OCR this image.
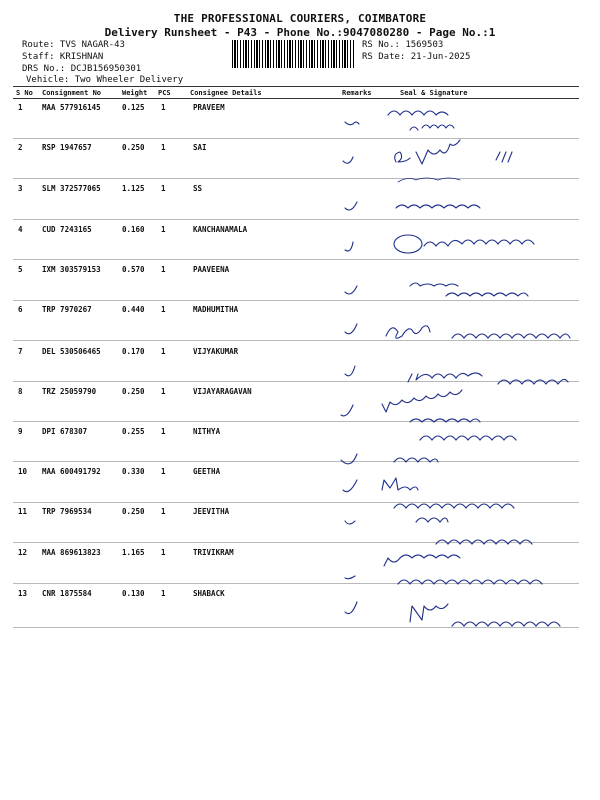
THE PROFESSIONAL COURIERS, COIMBATORE
Delivery Runsheet - P43 - Phone No.:9047080280 - Page No.:1
Route: TVS NAGAR-43
Staff: KRISHNAN
DRS No.: DCJB156950301
Vehicle: Two Wheeler Delivery
RS No.: 1569503
RS Date: 21-Jun-2025
S No Consignment No	Weight PCS	Consignee Details	Remarks	Seal & Signature
1	MAA 577916145	0.125 1	PRAVEEM
2	RSP 1947657	0.250 1	SAI
3	SLM 372577065	1.125 1	SS
4	CUD 7243165	0.160 1	KANCHANAMALA
5	IXM 303579153	0.570 1	PAAVEENA
6	TRP 7970267	0.440 1	MADHUMITHA
7	DEL 530506465	0.170 1	VIJYAKUMAR
8	TRZ 25059790	0.250 1	VIJAYARAGAVAN
9	DPI 678307	0.255 1	NITHYA
10 MAA 600491792	0.330 1	GEETHA
11 TRP 7969534	0.250 1	JEEVITHA
12 MAA 869613823	1.165 1	TRIVIKRAM
13 CNR 1875584	0.130 1	SHABACK
